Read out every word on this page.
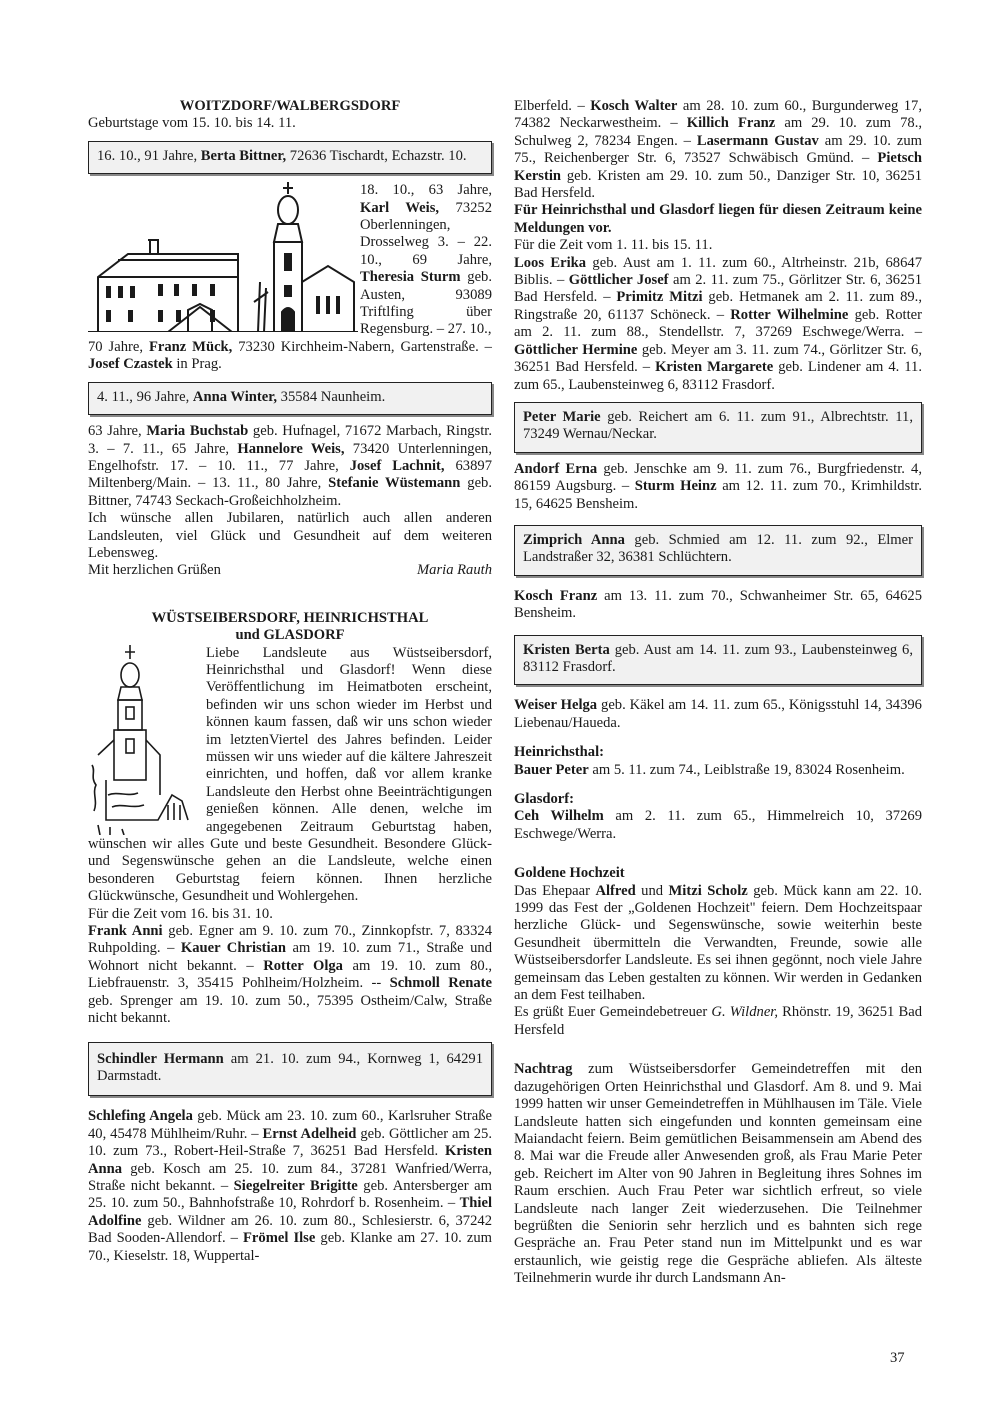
WOITZDORF/WALBERGSDORF

Geburtstage vom 15. 10. bis 14. 11.

16. 10., 91 Jahre, Berta Bittner, 72636 Tischardt, Echazstr. 10.

18. 10., 63 Jahre, Karl Weis, 73252 Oberlenningen, Drosselweg 3. – 22. 10., 69 Jahre, Theresia Sturm geb. Austen, 93089 Triftlfing über Regensburg. – 27. 10.,

70 Jahre, Franz Mück, 73230 Kirchheim-Nabern, Gartenstraße. – Josef Czastek in Prag.

4. 11., 96 Jahre, Anna Winter, 35584 Naunheim.

63 Jahre, Maria Buchstab geb. Hufnagel, 71672 Marbach, Ringstr. 3. – 7. 11., 65 Jahre, Hannelore Weis, 73420 Unterlenningen, Engelhofstr. 17. – 10. 11., 77 Jahre, Josef Lachnit, 63897 Miltenberg/Main. – 13. 11., 80 Jahre, Stefanie Wüstemann geb. Bittner, 74743 Seckach-Großeichholzheim.

Ich wünsche allen Jubilaren, natürlich auch allen anderen Landsleuten, viel Glück und Gesundheit auf dem weiteren Lebensweg.

Mit herzlichen Grüßen	Maria Rauth
WÜSTSEIBERSDORF, HEINRICHSTHAL
und GLASDORF

Liebe Landsleute aus Wüstseibersdorf, Heinrichsthal und Glasdorf! Wenn diese Veröffentlichung im Heimatboten erscheint, befinden wir uns schon wieder im Herbst und können kaum fassen, daß wir uns schon wieder im letztenViertel des Jahres befinden. Leider müssen wir uns wieder auf die kältere Jahreszeit einrichten, und hoffen, daß vor allem kranke Landsleute den Herbst ohne Beeinträchtigungen genießen können. Alle denen, welche im angegebenen Zeitraum Geburtstag haben, wünschen wir alles Gute und beste Gesundheit. Besondere Glück- und Segenswünsche gehen an die Landsleute, welche einen besonderen Geburtstag feiern können. Ihnen herzliche Glückwünsche, Gesundheit und Wohlergehen.

Für die Zeit vom 16. bis 31. 10.

Frank Anni geb. Egner am 9. 10. zum 70., Zinnkopfstr. 7, 83324 Ruhpolding. – Kauer Christian am 19. 10. zum 71., Straße und Wohnort nicht bekannt. – Rotter Olga am 19. 10. zum 80., Liebfrauenstr. 3, 35415 Pohlheim/Holzheim. -- Schmoll Renate geb. Sprenger am 19. 10. zum 50., 75395 Ostheim/Calw, Straße nicht bekannt.

Schindler Hermann am 21. 10. zum 94., Kornweg 1, 64291 Darmstadt.

Schlefing Angela geb. Mück am 23. 10. zum 60., Karlsruher Straße 40, 45478 Mühlheim/Ruhr. – Ernst Adelheid geb. Göttlicher am 25. 10. zum 73., Robert-Heil-Straße 7, 36251 Bad Hersfeld. Kristen Anna geb. Kosch am 25. 10. zum 84., 37281 Wanfried/Werra, Straße nicht bekannt. – Siegelreiter Brigitte geb. Antersberger am 25. 10. zum 50., Bahnhofstraße 10, Rohrdorf b. Rosenheim. – Thiel Adolfine geb. Wildner am 26. 10. zum 80., Schlesierstr. 6, 37242 Bad Sooden-Allendorf. – Frömel Ilse geb. Klanke am 27. 10. zum 70., Kieselstr. 18, Wuppertal-

Elberfeld. – Kosch Walter am 28. 10. zum 60., Burgunderweg 17, 74382 Neckarwestheim. – Killich Franz am 29. 10. zum 78., Schulweg 2, 78234 Engen. – Lasermann Gustav am 29. 10. zum 75., Reichenberger Str. 6, 73527 Schwäbisch Gmünd. – Pietsch Kerstin geb. Kristen am 29. 10. zum 50., Danziger Str. 10, 36251 Bad Hersfeld.

Für Heinrichsthal und Glasdorf liegen für diesen Zeitraum keine Meldungen vor.

Für die Zeit vom 1. 11. bis 15. 11.

Loos Erika geb. Aust am 1. 11. zum 60., Altrheinstr. 21b, 68647 Biblis. – Göttlicher Josef am 2. 11. zum 75., Görlitzer Str. 6, 36251 Bad Hersfeld. – Primitz Mitzi geb. Hetmanek am 2. 11. zum 89., Ringstraße 20, 61137 Schöneck. – Rotter Wilhelmine geb. Rotter am 2. 11. zum 88., Stendellstr. 7, 37269 Eschwege/Werra. – Göttlicher Hermine geb. Meyer am 3. 11. zum 74., Görlitzer Str. 6, 36251 Bad Hersfeld. – Kristen Margarete geb. Lindener am 4. 11. zum 65., Laubensteinweg 6, 83112 Frasdorf.

Peter Marie geb. Reichert am 6. 11. zum 91., Albrechtstr. 11, 73249 Wernau/Neckar.

Andorf Erna geb. Jenschke am 9. 11. zum 76., Burgfriedenstr. 4, 86159 Augsburg. – Sturm Heinz am 12. 11. zum 70., Krimhildstr. 15, 64625 Bensheim.

Zimprich Anna geb. Schmied am 12. 11. zum 92., Elmer Landstraßer 32, 36381 Schlüchtern.

Kosch Franz am 13. 11. zum 70., Schwanheimer Str. 65, 64625 Bensheim.

Kristen Berta geb. Aust am 14. 11. zum 93., Laubensteinweg 6, 83112 Frasdorf.

Weiser Helga geb. Käkel am 14. 11. zum 65., Königsstuhl 14, 34396 Liebenau/Haueda.

Heinrichsthal:

Bauer Peter am 5. 11. zum 74., Leiblstraße 19, 83024 Rosenheim.

Glasdorf:

Ceh Wilhelm am 2. 11. zum 65., Himmelreich 10, 37269 Eschwege/Werra.

Goldene Hochzeit

Das Ehepaar Alfred und Mitzi Scholz geb. Mück kann am 22. 10. 1999 das Fest der „Goldenen Hochzeit" feiern. Dem Hochzeitspaar herzliche Glück- und Segenswünsche, sowie weiterhin beste Gesundheit übermitteln die Verwandten, Freunde, sowie alle Wüstseibersdorfer Landsleute. Es sei ihnen gegönnt, noch viele Jahre gemeinsam das Leben gestalten zu können. Wir werden in Gedanken an dem Fest teilhaben.

Es grüßt Euer Gemeindebetreuer G. Wildner, Rhönstr. 19, 36251 Bad Hersfeld

Nachtrag zum Wüstseibersdorfer Gemeindetreffen mit den dazugehörigen Orten Heinrichsthal und Glasdorf. Am 8. und 9. Mai 1999 hatten wir unser Gemeindetreffen in Mühlhausen im Täle. Viele Landsleute hatten sich eingefunden und konnten gemeinsam eine Maiandacht feiern. Beim gemütlichen Beisammensein am Abend des 8. Mai war die Freude aller Anwesenden groß, als Frau Marie Peter geb. Reichert im Alter von 90 Jahren in Begleitung ihres Sohnes im Raum erschien. Auch Frau Peter war sichtlich erfreut, so viele Landsleute nach langer Zeit wiederzusehen. Die Teilnehmer begrüßten die Seniorin sehr herzlich und es bahnten sich rege Gespräche an. Frau Peter stand nun im Mittelpunkt und es war erstaunlich, wie geistig rege die Gespräche abliefen. Als älteste Teilnehmerin wurde ihr durch Landsmann An-

37
